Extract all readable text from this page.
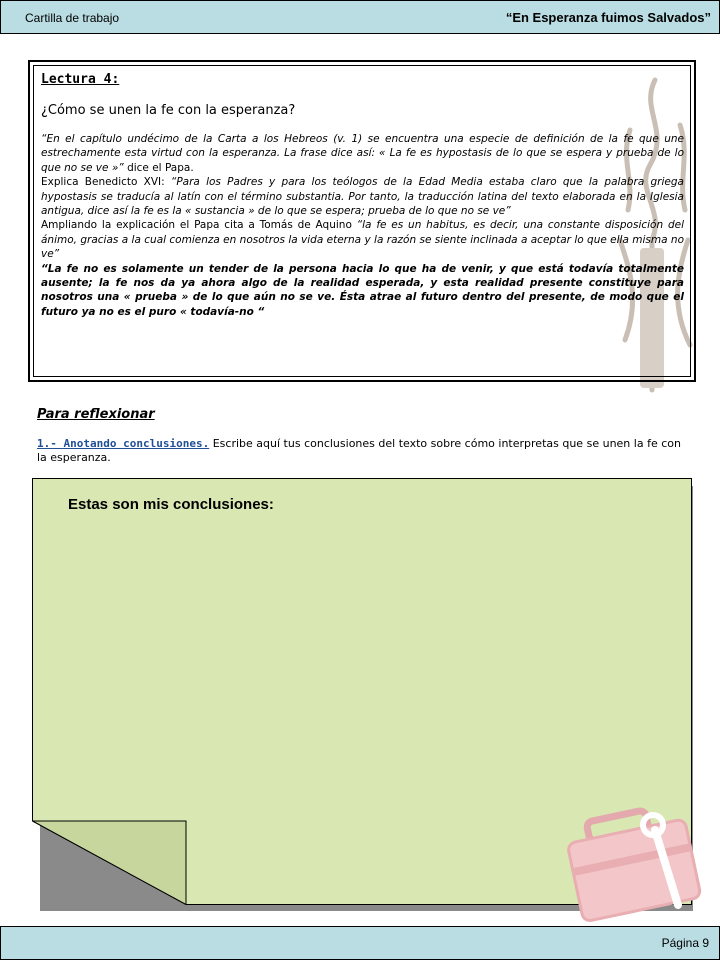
Cartilla de trabajo	“En Esperanza fuimos Salvados”
Lectura 4:
¿Cómo se unen la fe con la esperanza?

“En el capítulo undécimo de la Carta a los Hebreos (v. 1) se encuentra una especie de definición de la fe que une estrechamente esta virtud con la esperanza. La frase dice así: « La fe es hypostasis de lo que se espera y prueba de lo que no se ve »” dice el Papa.

Explica Benedicto XVI: “Para los Padres y para los teólogos de la Edad Media estaba claro que la palabra griega hypostasis se traducía al latín con el término substantia. Por tanto, la traducción latina del texto elaborada en la Iglesia antigua, dice así la fe es la « sustancia » de lo que se espera; prueba de lo que no se ve”

Ampliando la explicación el Papa cita a Tomás de Aquino “la fe es un habitus, es decir, una constante disposición del ánimo, gracias a la cual comienza en nosotros la vida eterna y la razón se siente inclinada a aceptar lo que ella misma no ve”

“La fe no es solamente un tender de la persona hacia lo que ha de venir, y que está todavía totalmente ausente; la fe nos da ya ahora algo de la realidad esperada, y esta realidad presente constituye para nosotros una « prueba » de lo que aún no se ve. Ésta atrae al futuro dentro del presente, de modo que el futuro ya no es el puro « todavía-no “

Para reflexionar
1.- Anotando conclusiones. Escribe aquí tus conclusiones del texto sobre cómo interpretas que se unen la fe con la esperanza.
Estas son mis conclusiones:
Página 9
